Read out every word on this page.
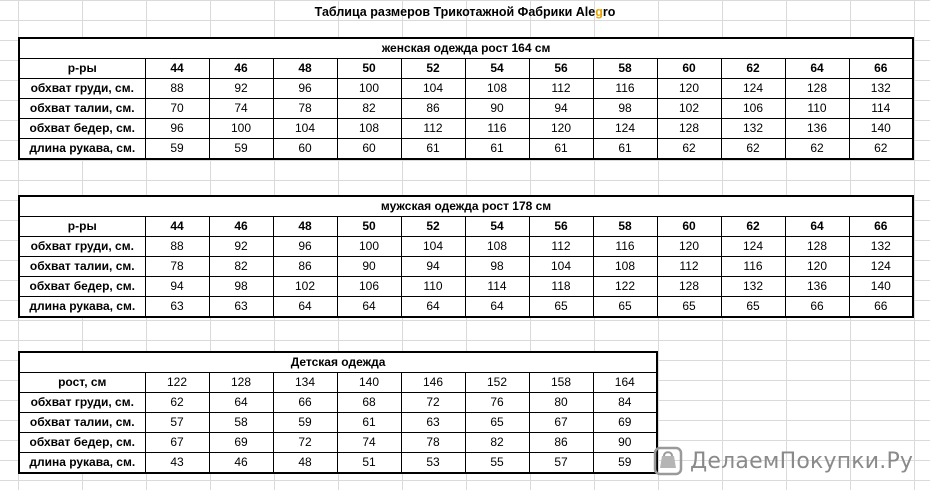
Таблица размеров Трикотажной Фабрики Alegro
женская одежда рост 164 см												
р-ры	44	46	48	50	52	54	56	58	60	62	64	66
обхват груди, см.	88	92	96	100	104	108	112	116	120	124	128	132
обхват талии, см.	70	74	78	82	86	90	94	98	102	106	110	114
обхват бедер, см.	96	100	104	108	112	116	120	124	128	132	136	140
длина рукава, см.	59	59	60	60	61	61	61	61	62	62	62	62
мужская одежда рост 178 см												
р-ры	44	46	48	50	52	54	56	58	60	62	64	66
обхват груди, см.	88	92	96	100	104	108	112	116	120	124	128	132
обхват талии, см.	78	82	86	90	94	98	104	108	112	116	120	124
обхват бедер, см.	94	98	102	106	110	114	118	122	128	132	136	140
длина рукава, см.	63	63	64	64	64	64	65	65	65	65	66	66
Детская одежда								
рост, см	122	128	134	140	146	152	158	164
обхват груди, см.	62	64	66	68	72	76	80	84
обхват талии, см.	57	58	59	61	63	65	67	69
обхват бедер, см.	67	69	72	74	78	82	86	90
длина рукава, см.	43	46	48	51	53	55	57	59	ДелаемПокупки.Ру
